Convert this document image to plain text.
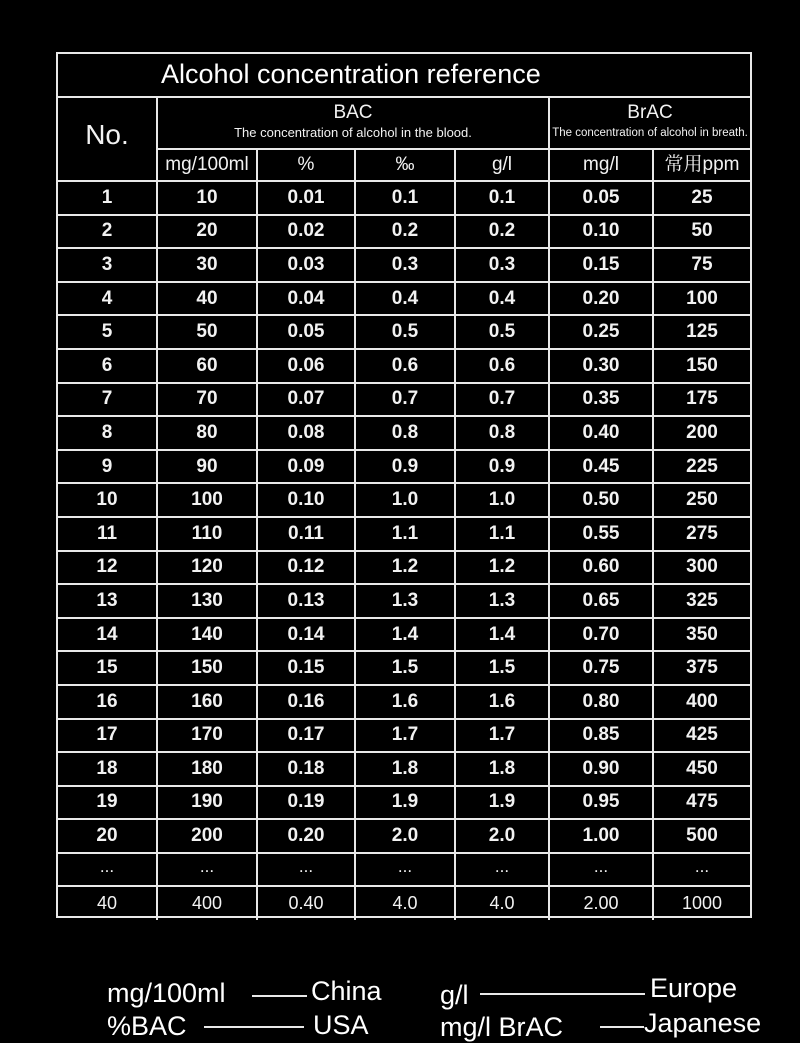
Alcohol concentration reference
No.
BAC
The concentration of alcohol in the blood.
BrAC
The concentration of alcohol in breath.
mg/100ml	%	‰	g/l	mg/l	常用ppm
1	10	0.01	0.1	0.1	0.05	25
2	20	0.02	0.2	0.2	0.10	50
3	30	0.03	0.3	0.3	0.15	75
4	40	0.04	0.4	0.4	0.20	100
5	50	0.05	0.5	0.5	0.25	125
6	60	0.06	0.6	0.6	0.30	150
7	70	0.07	0.7	0.7	0.35	175
8	80	0.08	0.8	0.8	0.40	200
9	90	0.09	0.9	0.9	0.45	225
10	100	0.10	1.0	1.0	0.50	250
11	110	0.11	1.1	1.1	0.55	275
12	120	0.12	1.2	1.2	0.60	300
13	130	0.13	1.3	1.3	0.65	325
14	140	0.14	1.4	1.4	0.70	350
15	150	0.15	1.5	1.5	0.75	375
16	160	0.16	1.6	1.6	0.80	400
17	170	0.17	1.7	1.7	0.85	425
18	180	0.18	1.8	1.8	0.90	450
19	190	0.19	1.9	1.9	0.95	475
20	200	0.20	2.0	2.0	1.00	500
...	...	...	...	...	...	...
40	400	0.40	4.0	4.0	2.00	1000
mg/100ml	China
%BAC	USA
g/l	Europe
mg/l BrAC	Japanese
